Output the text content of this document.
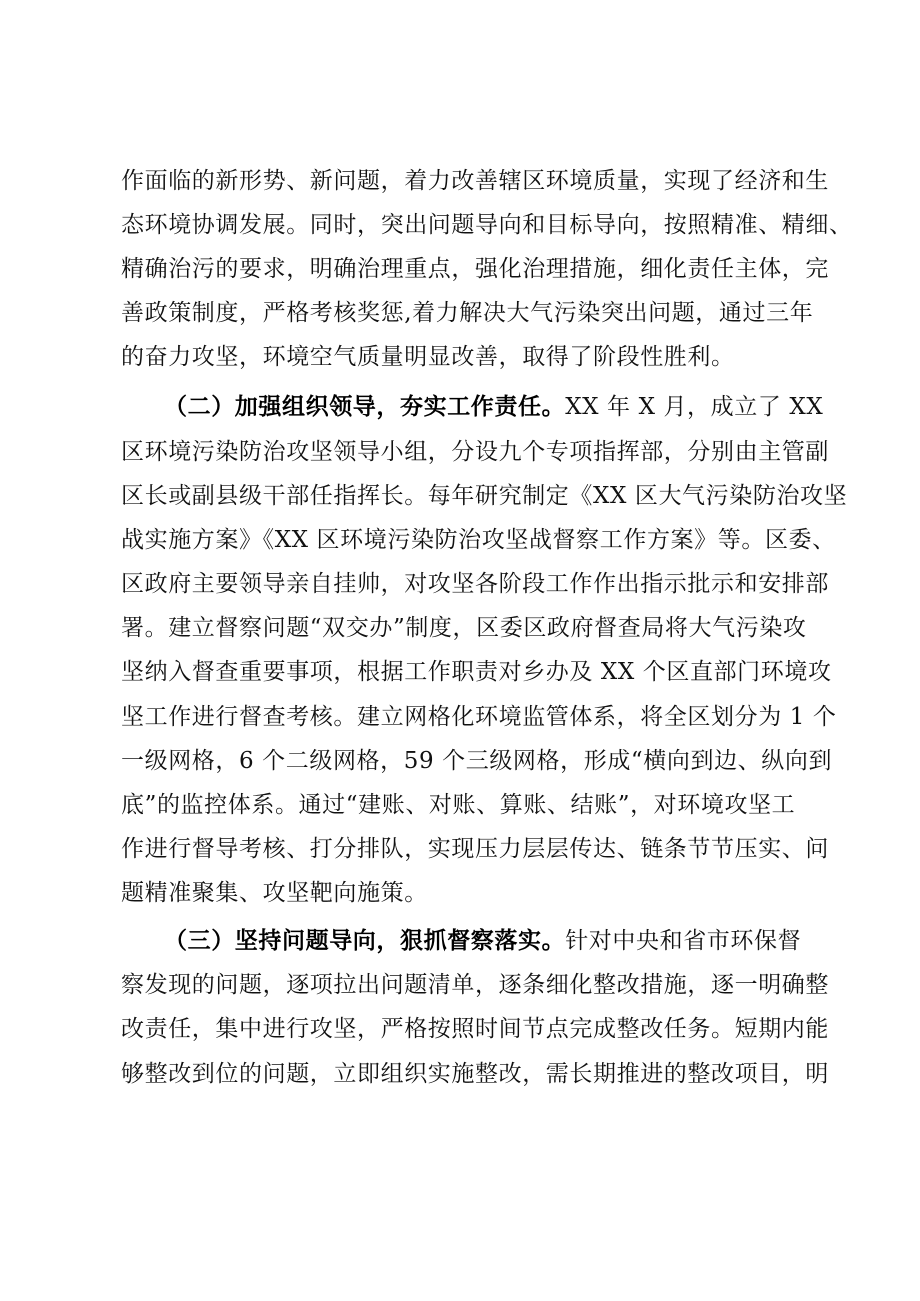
作面临的新形势、新问题，着力改善辖区环境质量，实现了经济和生
态环境协调发展。同时，突出问题导向和目标导向，按照精准、精细、
精确治污的要求，明确治理重点，强化治理措施，细化责任主体，完
善政策制度，严格考核奖惩,着力解决大气污染突出问题，通过三年
的奋力攻坚，环境空气质量明显改善，取得了阶段性胜利。
（二）加强组织领导，夯实工作责任。XX 年 X 月，成立了 XX
区环境污染防治攻坚领导小组，分设九个专项指挥部，分别由主管副
区长或副县级干部任指挥长。每年研究制定《XX 区大气污染防治攻坚
战实施方案》《XX 区环境污染防治攻坚战督察工作方案》等。区委、
区政府主要领导亲自挂帅，对攻坚各阶段工作作出指示批示和安排部
署。建立督察问题“双交办”制度，区委区政府督查局将大气污染攻
坚纳入督查重要事项，根据工作职责对乡办及 XX 个区直部门环境攻
坚工作进行督查考核。建立网格化环境监管体系，将全区划分为 1 个
一级网格，6 个二级网格，59 个三级网格，形成“横向到边、纵向到
底”的监控体系。通过“建账、对账、算账、结账”，对环境攻坚工
作进行督导考核、打分排队，实现压力层层传达、链条节节压实、问
题精准聚集、攻坚靶向施策。
（三）坚持问题导向，狠抓督察落实。针对中央和省市环保督
察发现的问题，逐项拉出问题清单，逐条细化整改措施，逐一明确整
改责任，集中进行攻坚，严格按照时间节点完成整改任务。短期内能
够整改到位的问题，立即组织实施整改，需长期推进的整改项目，明
